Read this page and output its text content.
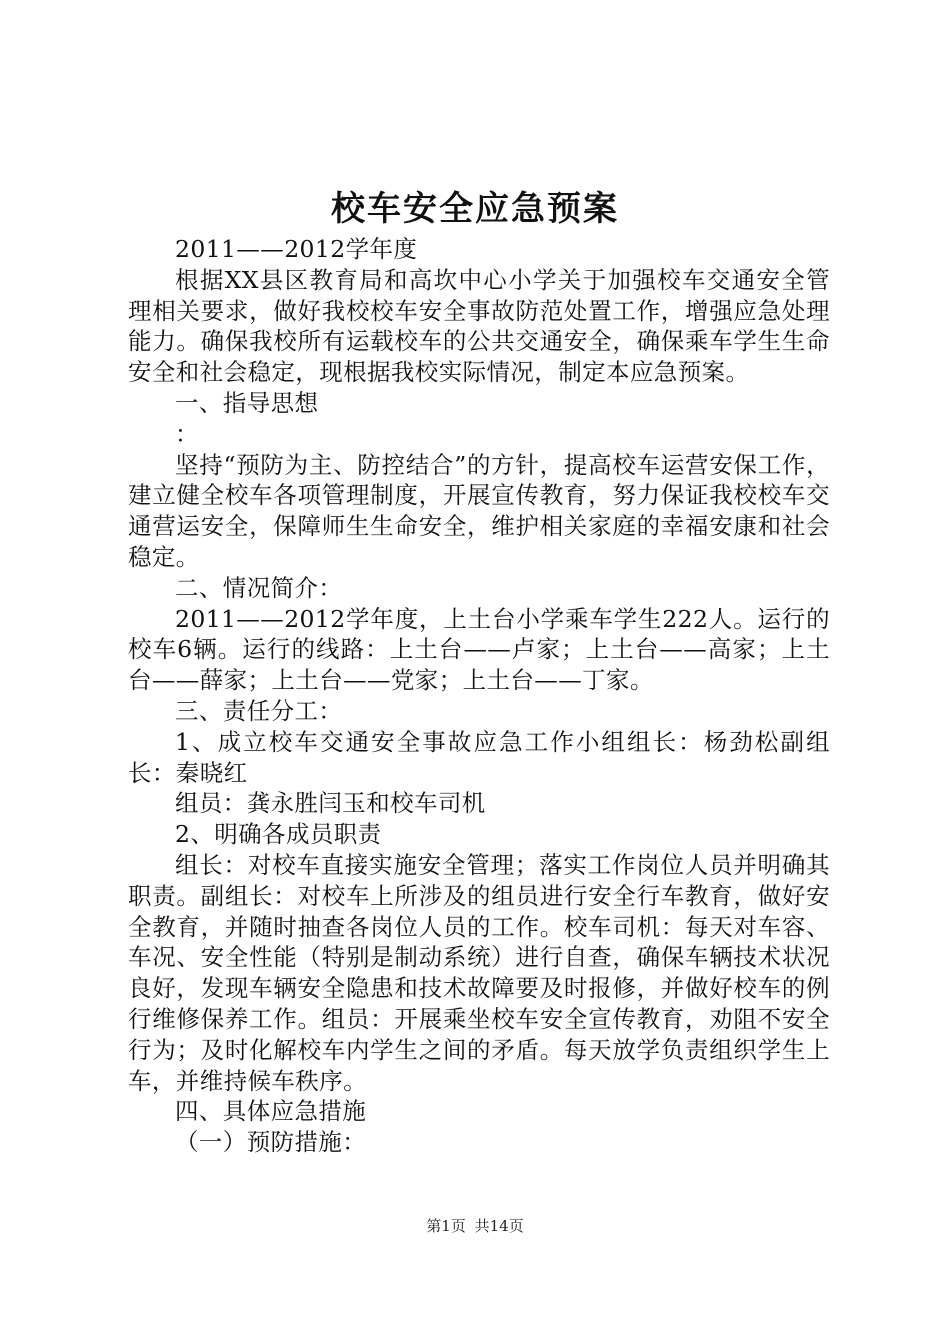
校车安全应急预案

2011——2012学年度

根据XX县区教育局和高坎中心小学关于加强校车交通安全管理相关要求，做好我校校车安全事故防范处置工作，增强应急处理能力。确保我校所有运载校车的公共交通安全，确保乘车学生生命安全和社会稳定，现根据我校实际情况，制定本应急预案。

一、指导思想

：

坚持“预防为主、防控结合”的方针，提高校车运营安保工作，建立健全校车各项管理制度，开展宣传教育，努力保证我校校车交通营运安全，保障师生生命安全，维护相关家庭的幸福安康和社会稳定。

二、情况简介：

2011——2012学年度，上土台小学乘车学生222人。运行的校车6辆。运行的线路：上土台——卢家；上土台——高家；上土台——薛家；上土台——党家；上土台——丁家。

三、责任分工：

1、成立校车交通安全事故应急工作小组组长：杨劲松副组长：秦晓红

组员：龚永胜闫玉和校车司机

2、明确各成员职责

组长：对校车直接实施安全管理；落实工作岗位人员并明确其职责。副组长：对校车上所涉及的组员进行安全行车教育，做好安全教育，并随时抽查各岗位人员的工作。校车司机：每天对车容、车况、安全性能（特别是制动系统）进行自查，确保车辆技术状况良好，发现车辆安全隐患和技术故障要及时报修，并做好校车的例行维修保养工作。组员：开展乘坐校车安全宣传教育，劝阻不安全行为；及时化解校车内学生之间的矛盾。每天放学负责组织学生上车，并维持候车秩序。

四、具体应急措施

（一）预防措施：

第1页 共14页
